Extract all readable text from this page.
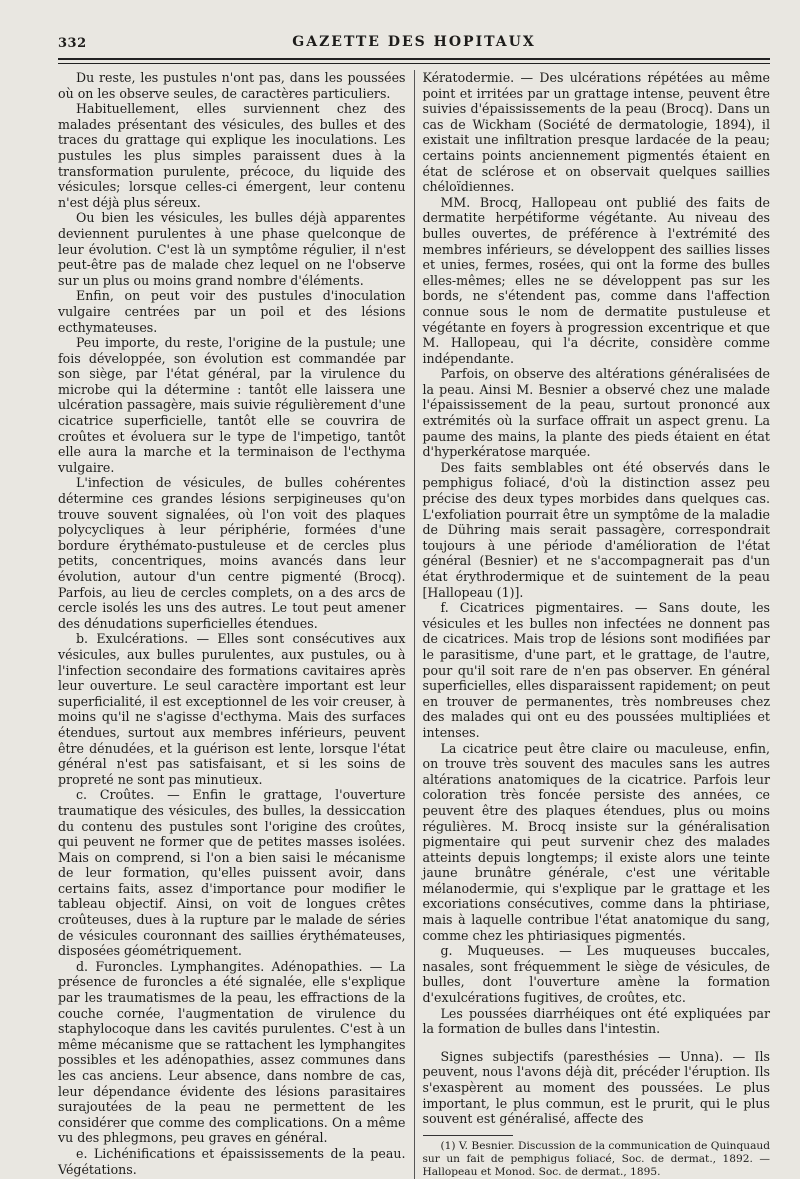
332	GAZETTE DES HOPITAUX

Du reste, les pustules n'ont pas, dans les poussées où on les observe seules, de caractères particuliers.

Habituellement, elles surviennent chez des malades présentant des vésicules, des bulles et des traces du grattage qui explique les inoculations. Les pustules les plus simples paraissent dues à la transformation purulente, précoce, du liquide des vésicules; lorsque celles-ci émergent, leur contenu n'est déjà plus séreux.

Ou bien les vésicules, les bulles déjà apparentes deviennent purulentes à une phase quelconque de leur évolution. C'est là un symptôme régulier, il n'est peut-être pas de malade chez lequel on ne l'observe sur un plus ou moins grand nombre d'éléments.

Enfin, on peut voir des pustules d'inoculation vulgaire centrées par un poil et des lésions ecthymateuses.

Peu importe, du reste, l'origine de la pustule; une fois développée, son évolution est commandée par son siège, par l'état général, par la virulence du microbe qui la détermine : tantôt elle laissera une ulcération passagère, mais suivie régulièrement d'une cicatrice superficielle, tantôt elle se couvrira de croûtes et évoluera sur le type de l'impetigo, tantôt elle aura la marche et la terminaison de l'ecthyma vulgaire.

L'infection de vésicules, de bulles cohérentes détermine ces grandes lésions serpigineuses qu'on trouve souvent signalées, où l'on voit des plaques polycycliques à leur périphérie, formées d'une bordure érythémato-pustuleuse et de cercles plus petits, concentriques, moins avancés dans leur évolution, autour d'un centre pigmenté (Brocq). Parfois, au lieu de cercles complets, on a des arcs de cercle isolés les uns des autres. Le tout peut amener des dénudations superficielles étendues.

b. Exulcérations. — Elles sont consécutives aux vésicules, aux bulles purulentes, aux pustules, ou à l'infection secondaire des formations cavitaires après leur ouverture. Le seul caractère important est leur superficialité, il est exceptionnel de les voir creuser, à moins qu'il ne s'agisse d'ecthyma. Mais des surfaces étendues, surtout aux membres inférieurs, peuvent être dénudées, et la guérison est lente, lorsque l'état général n'est pas satisfaisant, et si les soins de propreté ne sont pas minutieux.

c. Croûtes. — Enfin le grattage, l'ouverture traumatique des vésicules, des bulles, la dessiccation du contenu des pustules sont l'origine des croûtes, qui peuvent ne former que de petites masses isolées. Mais on comprend, si l'on a bien saisi le mécanisme de leur formation, qu'elles puissent avoir, dans certains faits, assez d'importance pour modifier le tableau objectif. Ainsi, on voit de longues crêtes croûteuses, dues à la rupture par le malade de séries de vésicules couronnant des saillies érythémateuses, disposées géométriquement.

d. Furoncles. Lymphangites. Adénopathies. — La présence de furoncles a été signalée, elle s'explique par les traumatismes de la peau, les effractions de la couche cornée, l'augmentation de virulence du staphylocoque dans les cavités purulentes. C'est à un même mécanisme que se rattachent les lymphangites possibles et les adénopathies, assez communes dans les cas anciens. Leur absence, dans nombre de cas, leur dépendance évidente des lésions parasitaires surajoutées de la peau ne permettent de les considérer que comme des complications. On a même vu des phlegmons, peu graves en général.

e. Lichénifications et épaississements de la peau. Végétations.

Kératodermie. — Des ulcérations répétées au même point et irritées par un grattage intense, peuvent être suivies d'épaississements de la peau (Brocq). Dans un cas de Wickham (Société de dermatologie, 1894), il existait une infiltration presque lardacée de la peau; certains points anciennement pigmentés étaient en état de sclérose et on observait quelques saillies chéloïdiennes.

MM. Brocq, Hallopeau ont publié des faits de dermatite herpétiforme végétante. Au niveau des bulles ouvertes, de préférence à l'extrémité des membres inférieurs, se développent des saillies lisses et unies, fermes, rosées, qui ont la forme des bulles elles-mêmes; elles ne se développent pas sur les bords, ne s'étendent pas, comme dans l'affection connue sous le nom de dermatite pustuleuse et végétante en foyers à progression excentrique et que M. Hallopeau, qui l'a décrite, considère comme indépendante.

Parfois, on observe des altérations généralisées de la peau. Ainsi M. Besnier a observé chez une malade l'épaississement de la peau, surtout prononcé aux extrémités où la surface offrait un aspect grenu. La paume des mains, la plante des pieds étaient en état d'hyperkératose marquée.

Des faits semblables ont été observés dans le pemphigus foliacé, d'où la distinction assez peu précise des deux types morbides dans quelques cas. L'exfoliation pourrait être un symptôme de la maladie de Dühring mais serait passagère, correspondrait toujours à une période d'amélioration de l'état général (Besnier) et ne s'accompagnerait pas d'un état érythrodermique et de suintement de la peau [Hallopeau (1)].

f. Cicatrices pigmentaires. — Sans doute, les vésicules et les bulles non infectées ne donnent pas de cicatrices. Mais trop de lésions sont modifiées par le parasitisme, d'une part, et le grattage, de l'autre, pour qu'il soit rare de n'en pas observer. En général superficielles, elles disparaissent rapidement; on peut en trouver de permanentes, très nombreuses chez des malades qui ont eu des poussées multipliées et intenses.

La cicatrice peut être claire ou maculeuse, enfin, on trouve très souvent des macules sans les autres altérations anatomiques de la cicatrice. Parfois leur coloration très foncée persiste des années, ce peuvent être des plaques étendues, plus ou moins régulières. M. Brocq insiste sur la généralisation pigmentaire qui peut survenir chez des malades atteints depuis longtemps; il existe alors une teinte jaune brunâtre générale, c'est une véritable mélanodermie, qui s'explique par le grattage et les excoriations consécutives, comme dans la phtiriase, mais à laquelle contribue l'état anatomique du sang, comme chez les phtiriasiques pigmentés.

g. Muqueuses. — Les muqueuses buccales, nasales, sont fréquemment le siège de vésicules, de bulles, dont l'ouverture amène la formation d'exulcérations fugitives, de croûtes, etc.

Les poussées diarrhéiques ont été expliquées par la formation de bulles dans l'intestin.

Signes subjectifs (paresthésies — Unna). — Ils peuvent, nous l'avons déjà dit, précéder l'éruption. Ils s'exaspèrent au moment des poussées. Le plus important, le plus commun, est le prurit, qui le plus souvent est généralisé, affecte des

(1) V. Besnier. Discussion de la communication de Quinquaud sur un fait de pemphigus foliacé, Soc. de dermat., 1892. — Hallopeau et Monod. Soc. de dermat., 1895.
